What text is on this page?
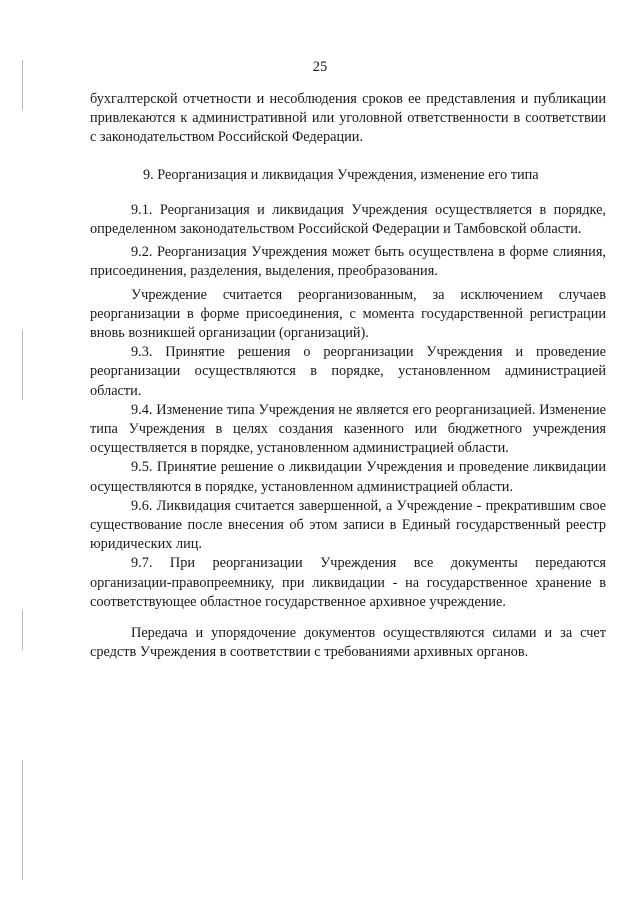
25

бухгалтерской отчетности и несоблюдения сроков ее представления и публикации привлекаются к административной или уголовной ответственности в соответствии с законодательством Российской Федерации.

9. Реорганизация и ликвидация Учреждения, изменение его типа

9.1. Реорганизация и ликвидация Учреждения осуществляется в порядке, определенном законодательством Российской Федерации и Тамбовской области.

9.2. Реорганизация Учреждения может быть осуществлена в форме слияния, присоединения, разделения, выделения, преобразования.

Учреждение считается реорганизованным, за исключением случаев реорганизации в форме присоединения, с момента государственной регистрации вновь возникшей организации (организаций).

9.3. Принятие решения о реорганизации Учреждения и проведение реорганизации осуществляются в порядке, установленном администрацией области.

9.4. Изменение типа Учреждения не является его реорганизацией. Изменение типа Учреждения в целях создания казенного или бюджетного учреждения осуществляется в порядке, установленном администрацией области.

9.5. Принятие решение о ликвидации Учреждения и проведение ликвидации осуществляются в порядке, установленном администрацией области.

9.6. Ликвидация считается завершенной, а Учреждение - прекратившим свое существование после внесения об этом записи в Единый государственный реестр юридических лиц.

9.7. При реорганизации Учреждения все документы передаются организации-правопреемнику, при ликвидации - на государственное хранение в соответствующее областное государственное архивное учреждение.

Передача и упорядочение документов осуществляются силами и за счет средств Учреждения в соответствии с требованиями архивных органов.
